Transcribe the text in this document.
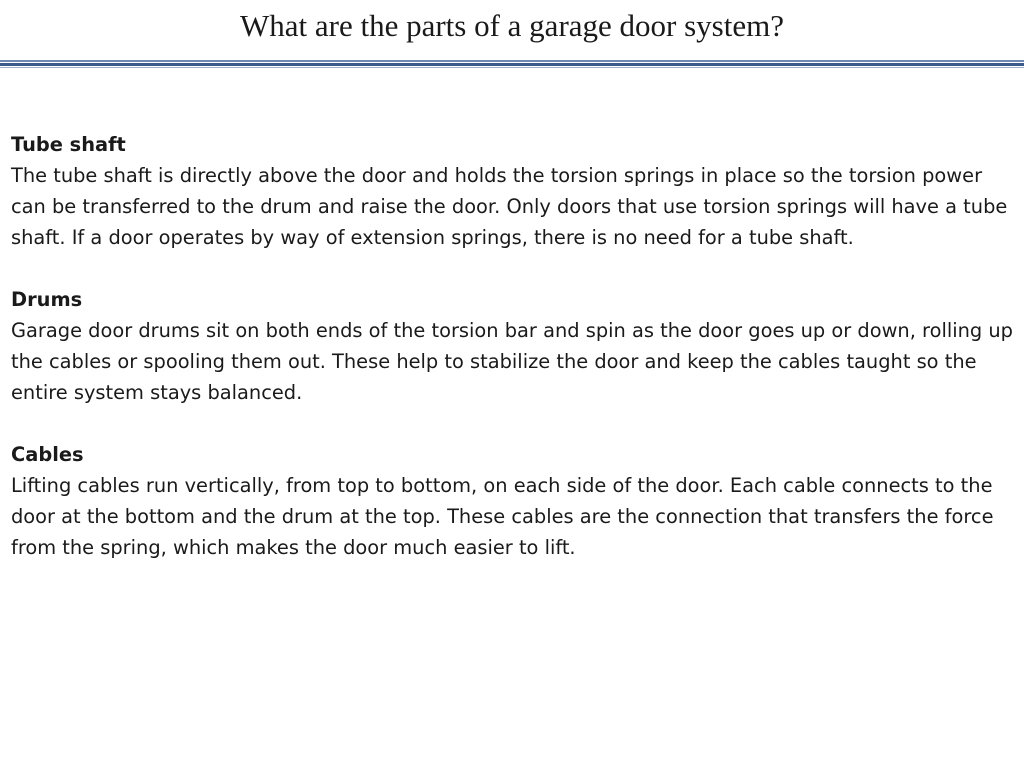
What are the parts of a garage door system?
Tube shaft
The tube shaft is directly above the door and holds the torsion springs in place so the torsion power can be transferred to the drum and raise the door. Only doors that use torsion springs will have a tube shaft. If a door operates by way of extension springs, there is no need for a tube shaft.
Drums
Garage door drums sit on both ends of the torsion bar and spin as the door goes up or down, rolling up the cables or spooling them out. These help to stabilize the door and keep the cables taught so the entire system stays balanced.
Cables
Lifting cables run vertically, from top to bottom, on each side of the door. Each cable connects to the door at the bottom and the drum at the top. These cables are the connection that transfers the force from the spring, which makes the door much easier to lift.
